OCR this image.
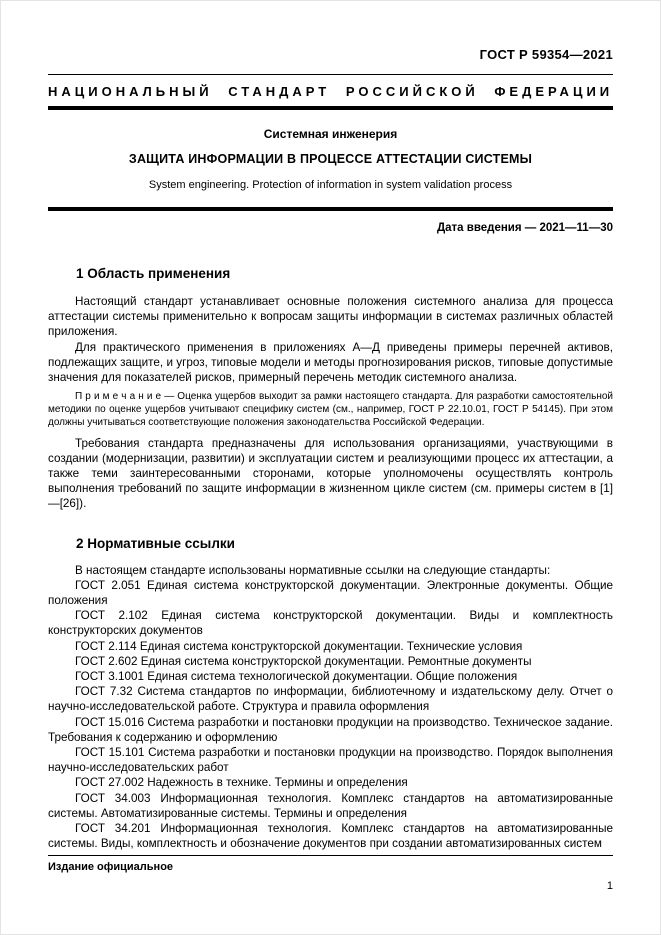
ГОСТ Р 59354—2021
НАЦИОНАЛЬНЫЙ СТАНДАРТ РОССИЙСКОЙ ФЕДЕРАЦИИ
Системная инженерия
ЗАЩИТА ИНФОРМАЦИИ В ПРОЦЕССЕ АТТЕСТАЦИИ СИСТЕМЫ
System engineering. Protection of information in system validation process
Дата введения — 2021—11—30
1 Область применения

Настоящий стандарт устанавливает основные положения системного анализа для процесса аттестации системы применительно к вопросам защиты информации в системах различных областей приложения.

Для практического применения в приложениях А—Д приведены примеры перечней активов, подлежащих защите, и угроз, типовые модели и методы прогнозирования рисков, типовые допустимые значения для показателей рисков, примерный перечень методик системного анализа.

П р и м е ч а н и е — Оценка ущербов выходит за рамки настоящего стандарта. Для разработки самостоятельной методики по оценке ущербов учитывают специфику систем (см., например, ГОСТ Р 22.10.01, ГОСТ Р 54145). При этом должны учитываться соответствующие положения законодательства Российской Федерации.

Требования стандарта предназначены для использования организациями, участвующими в создании (модернизации, развитии) и эксплуатации систем и реализующими процесс их аттестации, а также теми заинтересованными сторонами, которые уполномочены осуществлять контроль выполнения требований по защите информации в жизненном цикле систем (см. примеры систем в [1]—[26]).

2 Нормативные ссылки

В настоящем стандарте использованы нормативные ссылки на следующие стандарты:

ГОСТ 2.051 Единая система конструкторской документации. Электронные документы. Общие положения

ГОСТ 2.102 Единая система конструкторской документации. Виды и комплектность конструкторских документов

ГОСТ 2.114 Единая система конструкторской документации. Технические условия

ГОСТ 2.602 Единая система конструкторской документации. Ремонтные документы

ГОСТ 3.1001 Единая система технологической документации. Общие положения

ГОСТ 7.32 Система стандартов по информации, библиотечному и издательскому делу. Отчет о научно-исследовательской работе. Структура и правила оформления

ГОСТ 15.016 Система разработки и постановки продукции на производство. Техническое задание. Требования к содержанию и оформлению

ГОСТ 15.101 Система разработки и постановки продукции на производство. Порядок выполнения научно-исследовательских работ

ГОСТ 27.002 Надежность в технике. Термины и определения

ГОСТ 34.003 Информационная технология. Комплекс стандартов на автоматизированные системы. Автоматизированные системы. Термины и определения

ГОСТ 34.201 Информационная технология. Комплекс стандартов на автоматизированные системы. Виды, комплектность и обозначение документов при создании автоматизированных систем

Издание официальное
1
